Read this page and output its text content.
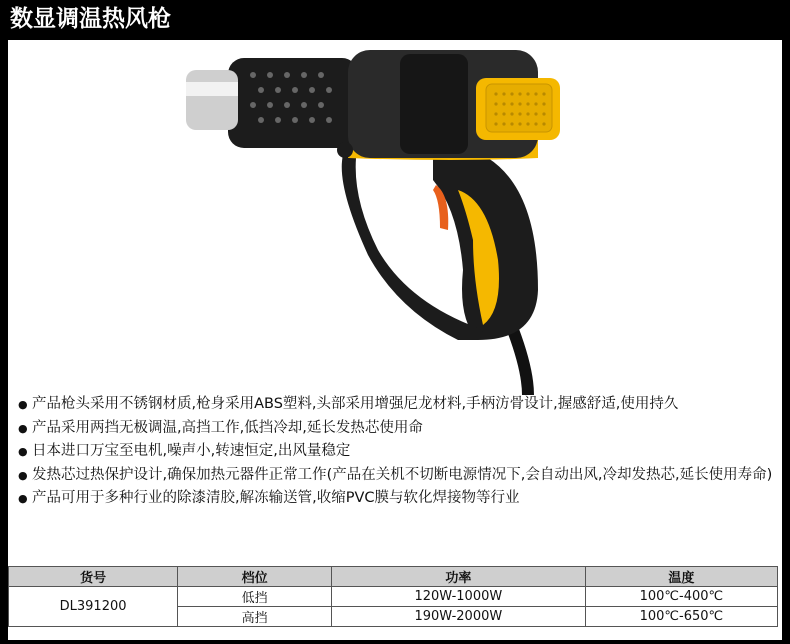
数显调温热风枪
● 产品枪头采用不锈钢材质,枪身采用ABS塑料,头部采用增强尼龙材料,手柄汸骨设计,握感舒适,使用持久
● 产品采用两挡无极调温,高挡工作,低挡冷却,延长发热芯使用命
● 日本进口万宝至电机,噪声小,转速恒定,出风量稳定
● 发热芯过热保护设计,确保加热元器件正常工作(产品在关机不切断电源情况下,会自动出风,冷却发热芯,延长使用寿命)
● 产品可用于多种行业的除漆清胶,解冻输送管,收缩PVC膜与软化焊接物等行业
货号	档位	功率	温度
DL391200	低挡	120W-1000W	100℃-400℃
	高挡	190W-2000W	100℃-650℃
